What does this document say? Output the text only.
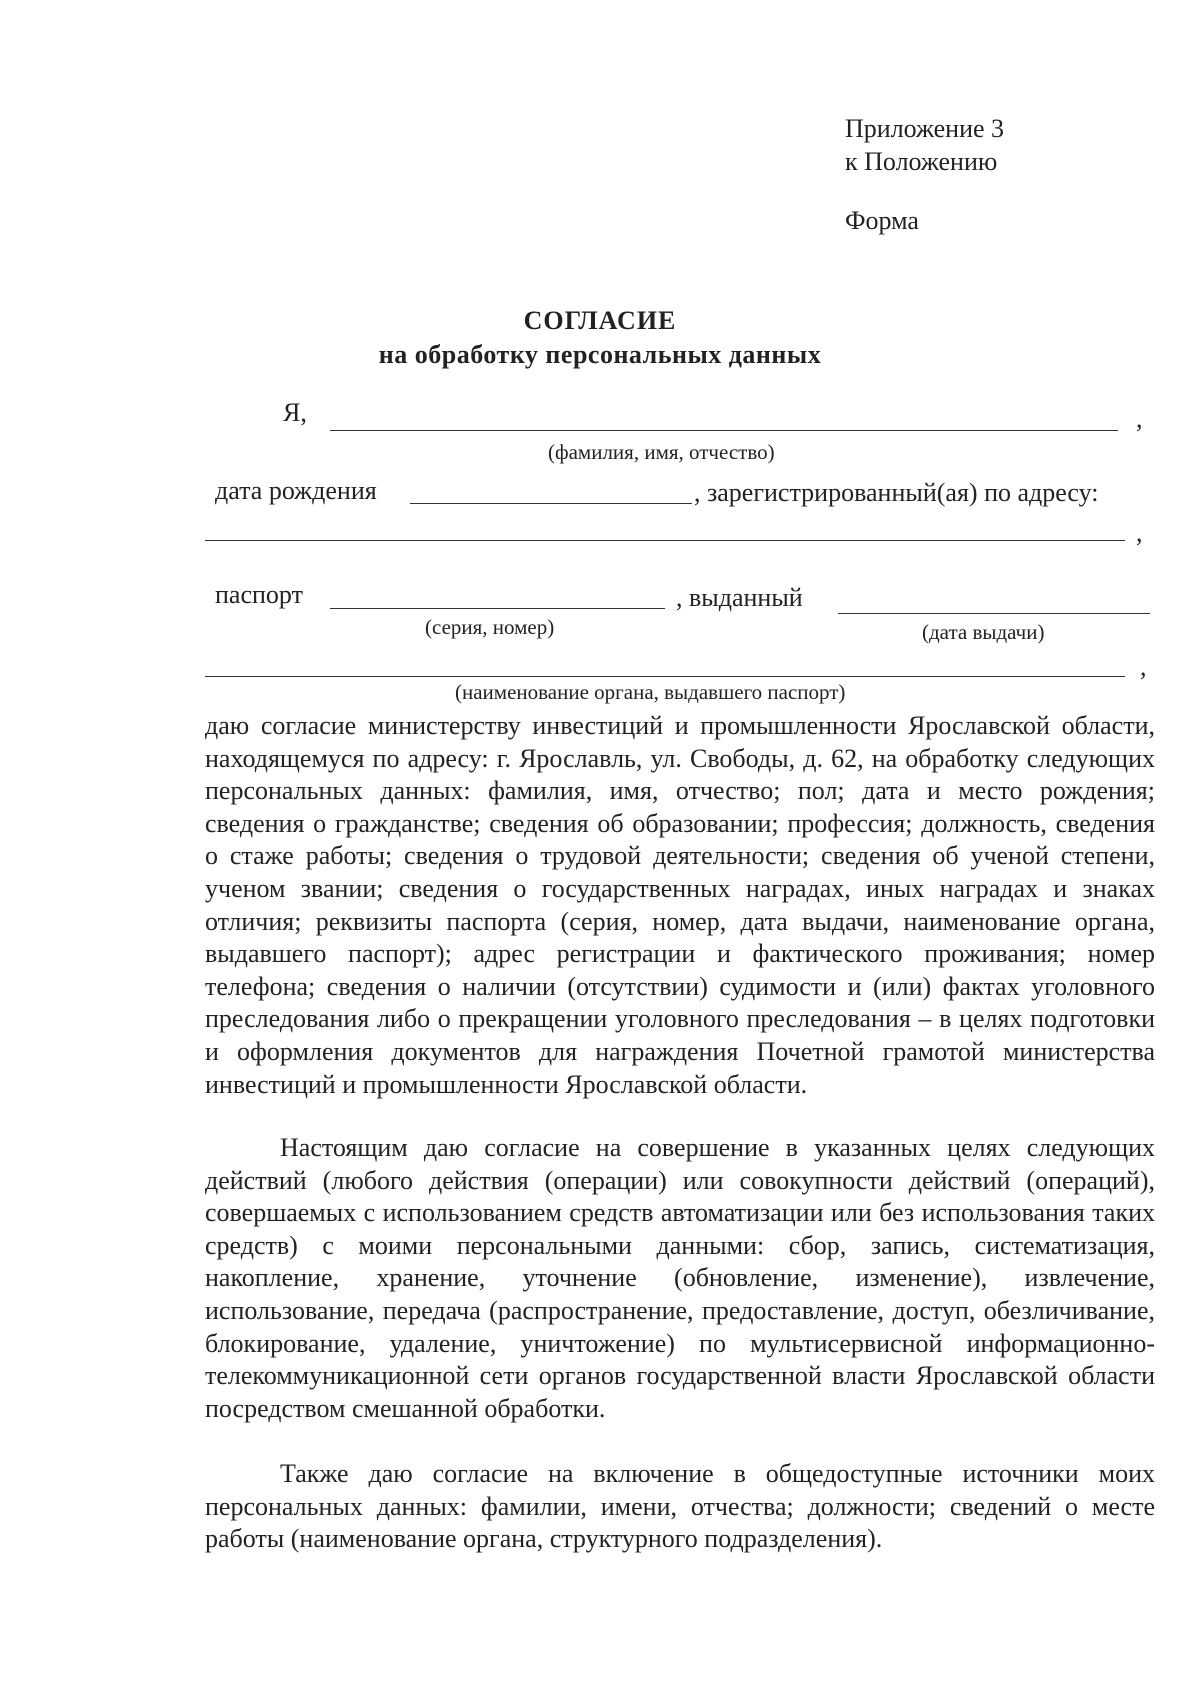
Приложение 3
к Положению
Форма
СОГЛАСИЕ
на обработку персональных данных
Я,	,
(фамилия, имя, отчество)
дата рождения	, зарегистрированный(ая) по адресу:
,
паспорт	, выданный
(серия, номер)	(дата выдачи)
,
(наименование органа, выдавшего паспорт)

даю согласие министерству инвестиций и промышленности Ярославской области, находящемуся по адресу: г. Ярославль, ул. Свободы, д. 62, на обработку следующих персональных данных: фамилия, имя, отчество; пол; дата и место рождения; сведения о гражданстве; сведения об образовании; профессия; должность, сведения о стаже работы; сведения о трудовой деятельности; сведения об ученой степени, ученом звании; сведения о государственных наградах, иных наградах и знаках отличия; реквизиты паспорта (серия, номер, дата выдачи, наименование органа, выдавшего паспорт); адрес регистрации и фактического проживания; номер телефона; сведения о наличии (отсутствии) судимости и (или) фактах уголовного преследования либо о прекращении уголовного преследования – в целях подготовки и оформления документов для награждения Почетной грамотой министерства инвестиций и промышленности Ярославской области.

Настоящим даю согласие на совершение в указанных целях следующих действий (любого действия (операции) или совокупности действий (операций), совершаемых с использованием средств автоматизации или без использования таких средств) с моими персональными данными: сбор, запись, систематизация, накопление, хранение, уточнение (обновление, изменение), извлечение, использование, передача (распространение, предоставление, доступ, обезличивание, блокирование, удаление, уничтожение) по мультисервисной информационно-телекоммуникационной сети органов государственной власти Ярославской области посредством смешанной обработки.

Также даю согласие на включение в общедоступные источники моих персональных данных: фамилии, имени, отчества; должности; сведений о месте работы (наименование органа, структурного подразделения).
